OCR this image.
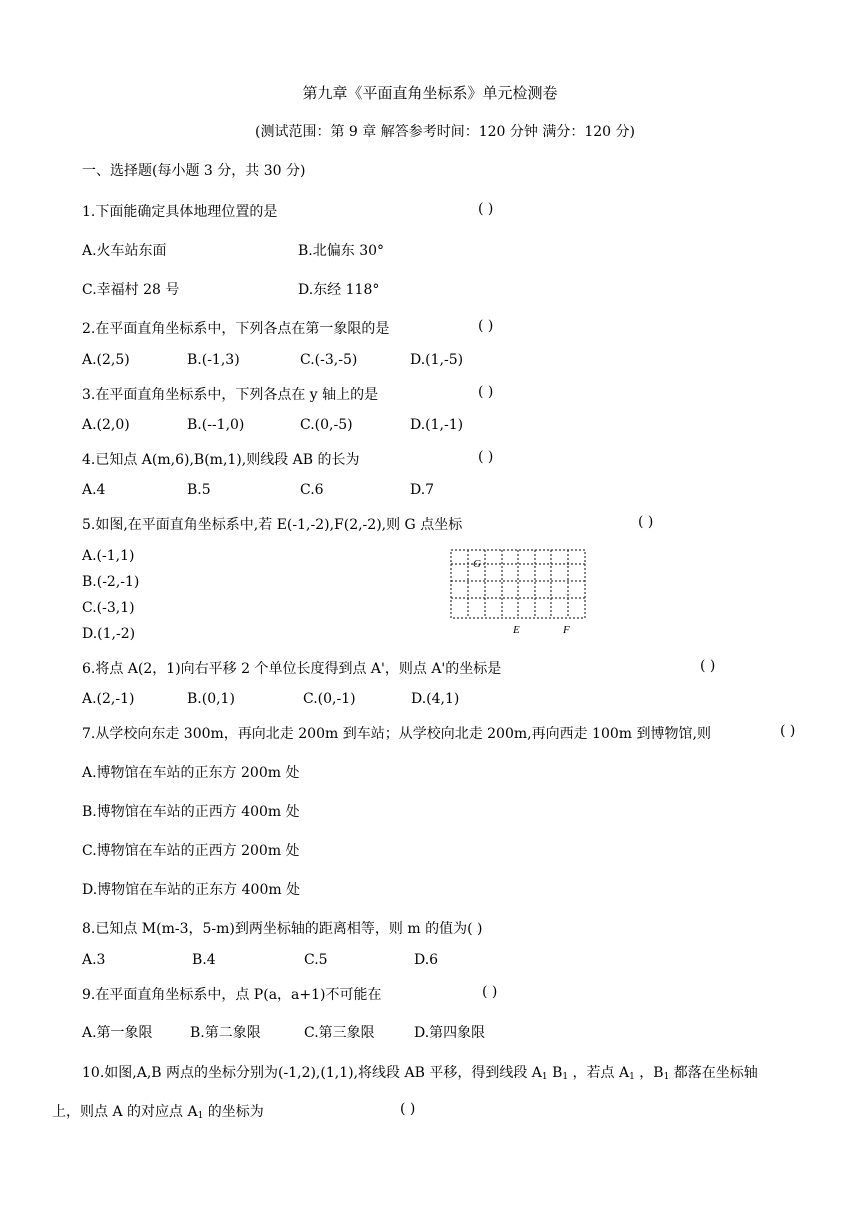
第九章《平面直角坐标系》单元检测卷
(测试范围：第 9 章 解答参考时间：120 分钟 满分：120 分)
一、选择题(每小题 3 分，共 30 分)
1.下面能确定具体地理位置的是	( )
A.火车站东面	B.北偏东 30°
C.幸福村 28 号	D.东经 118°
2.在平面直角坐标系中，下列各点在第一象限的是	( )
A.(2,5)	B.(-1,3)	C.(-3,-5)	D.(1,-5)
3.在平面直角坐标系中，下列各点在 y 轴上的是	( )
A.(2,0)	B.(--1,0)	C.(0,-5)	D.(1,-1)
4.已知点 A(m,6),B(m,1),则线段 AB 的长为	( )
A.4	B.5	C.6	D.7
5.如图,在平面直角坐标系中,若 E(-1,-2),F(2,-2),则 G 点坐标	( )
A.(-1,1)
B.(-2,-1)
C.(-3,1)
D.(1,-2)
G
E	F
6.将点 A(2，1)向右平移 2 个单位长度得到点 A'，则点 A'的坐标是	( )
A.(2,-1)	B.(0,1)	C.(0,-1)	D.(4,1)
7.从学校向东走 300m，再向北走 200m 到车站；从学校向北走 200m,再向西走 100m 到博物馆,则	( )
A.博物馆在车站的正东方 200m 处
B.博物馆在车站的正西方 400m 处
C.博物馆在车站的正西方 200m 处
D.博物馆在车站的正东方 400m 处
8.已知点 M(m-3，5-m)到两坐标轴的距离相等，则 m 的值为( )
A.3	B.4	C.5	D.6
9.在平面直角坐标系中，点 P(a，a+1)不可能在	( )
A.第一象限	B.第二象限	C.第三象限	D.第四象限
10.如图,A,B 两点的坐标分别为(-1,2),(1,1),将线段 AB 平移，得到线段 $A_1$ $B_1$ ，若点 $A_1$ ，$B_1$ 都落在坐标轴
上，则点 A 的对应点 $A_1$ 的坐标为	( )
